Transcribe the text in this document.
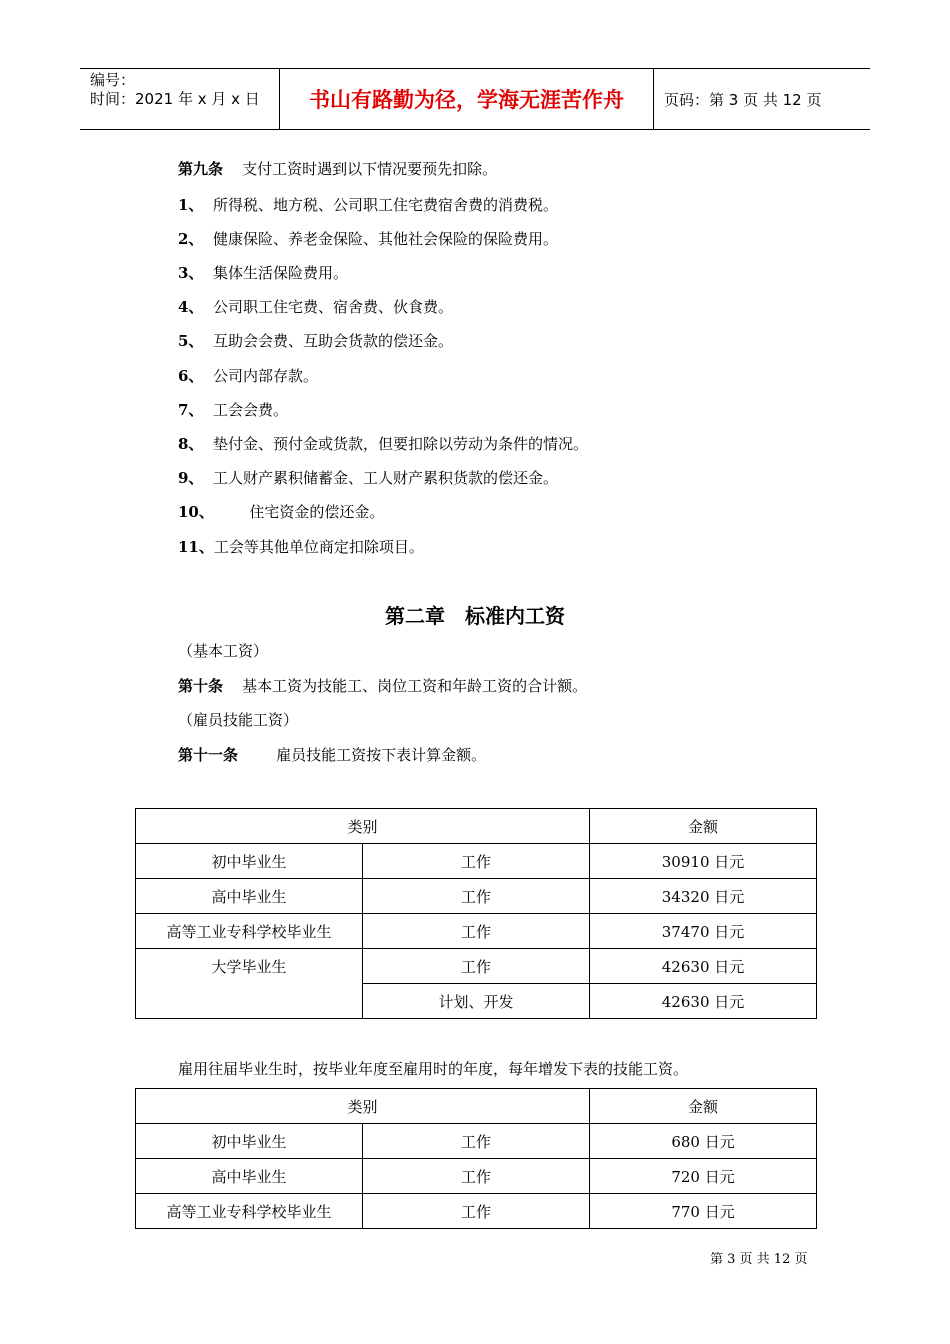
编号：
时间：2021 年 x 月 x 日	书山有路勤为径，学海无涯苦作舟	页码：第 3 页 共 12 页
第九条 支付工资时遇到以下情况要预先扣除。
1、 所得税、地方税、公司职工住宅费宿舍费的消费税。
2、 健康保险、养老金保险、其他社会保险的保险费用。
3、 集体生活保险费用。
4、 公司职工住宅费、宿舍费、伙食费。
5、 互助会会费、互助会货款的偿还金。
6、 公司内部存款。
7、 工会会费。
8、 垫付金、预付金或货款，但要扣除以劳动为条件的情况。
9、 工人财产累积储蓄金、工人财产累积货款的偿还金。
10、 住宅资金的偿还金。
11、工会等其他单位商定扣除项目。
第二章　标准内工资
（基本工资）
第十条 基本工资为技能工、岗位工资和年龄工资的合计额。
（雇员技能工资）
第十一条	雇员技能工资按下表计算金额。
类别		金额
初中毕业生	工作	30910 日元
高中毕业生	工作	34320 日元
高等工业专科学校毕业生	工作	37470 日元
大学毕业生	工作	42630 日元
	计划、开发	42630 日元
雇用往届毕业生时，按毕业年度至雇用时的年度，每年增发下表的技能工资。
类别		金额
初中毕业生	工作	680 日元
高中毕业生	工作	720 日元
高等工业专科学校毕业生	工作	770 日元
第 3 页 共 12 页
